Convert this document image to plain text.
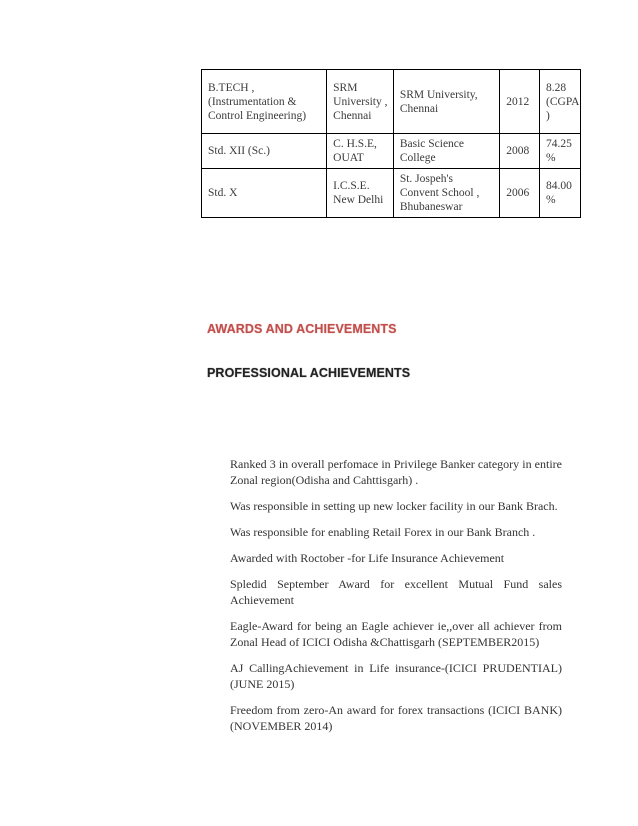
B.TECH , (Instrumentation & Control Engineering)	SRM University , Chennai	SRM University, Chennai	2012	8.28 (CGPA )
Std. XII (Sc.)	C. H.S.E, OUAT	Basic Science College	2008	74.25 %
Std. X	I.C.S.E. New Delhi	St. Jospeh's Convent School , Bhubaneswar	2006	84.00 %
AWARDS AND ACHIEVEMENTS
PROFESSIONAL ACHIEVEMENTS
Ranked 3 in overall perfomace in Privilege Banker category in entire Zonal region(Odisha and Cahttisgarh) .
Was responsible in setting up new locker facility in our Bank Brach.
Was responsible for enabling Retail Forex in our Bank Branch .
Awarded with Roctober -for Life Insurance Achievement
Spledid September Award for excellent Mutual Fund sales Achievement
Eagle-Award for being an Eagle achiever ie,,over all achiever from Zonal Head of ICICI Odisha &Chattisgarh (SEPTEMBER2015)
AJ CallingAchievement in Life insurance-(ICICI PRUDENTIAL)(JUNE 2015)
Freedom from zero-An award for forex transactions (ICICI BANK)(NOVEMBER 2014)
